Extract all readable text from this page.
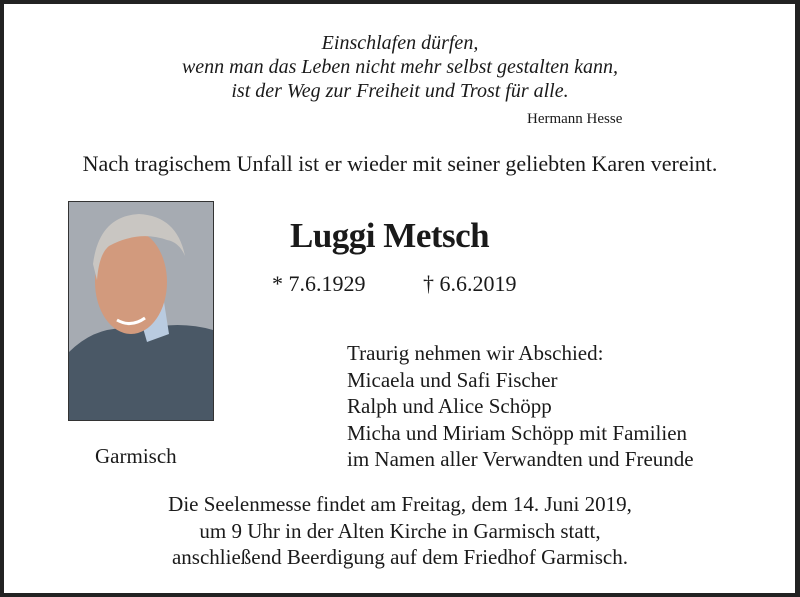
Einschlafen dürfen,
wenn man das Leben nicht mehr selbst gestalten kann,
ist der Weg zur Freiheit und Trost für alle.
Hermann Hesse
Nach tragischem Unfall ist er wieder mit seiner geliebten Karen vereint.
Luggi Metsch
* 7.6.1929	† 6.6.2019
Traurig nehmen wir Abschied:
Micaela und Safi Fischer
Ralph und Alice Schöpp
Micha und Miriam Schöpp mit Familien
im Namen aller Verwandten und Freunde
Garmisch
Die Seelenmesse findet am Freitag, dem 14. Juni 2019,
um 9 Uhr in der Alten Kirche in Garmisch statt,
anschließend Beerdigung auf dem Friedhof Garmisch.
